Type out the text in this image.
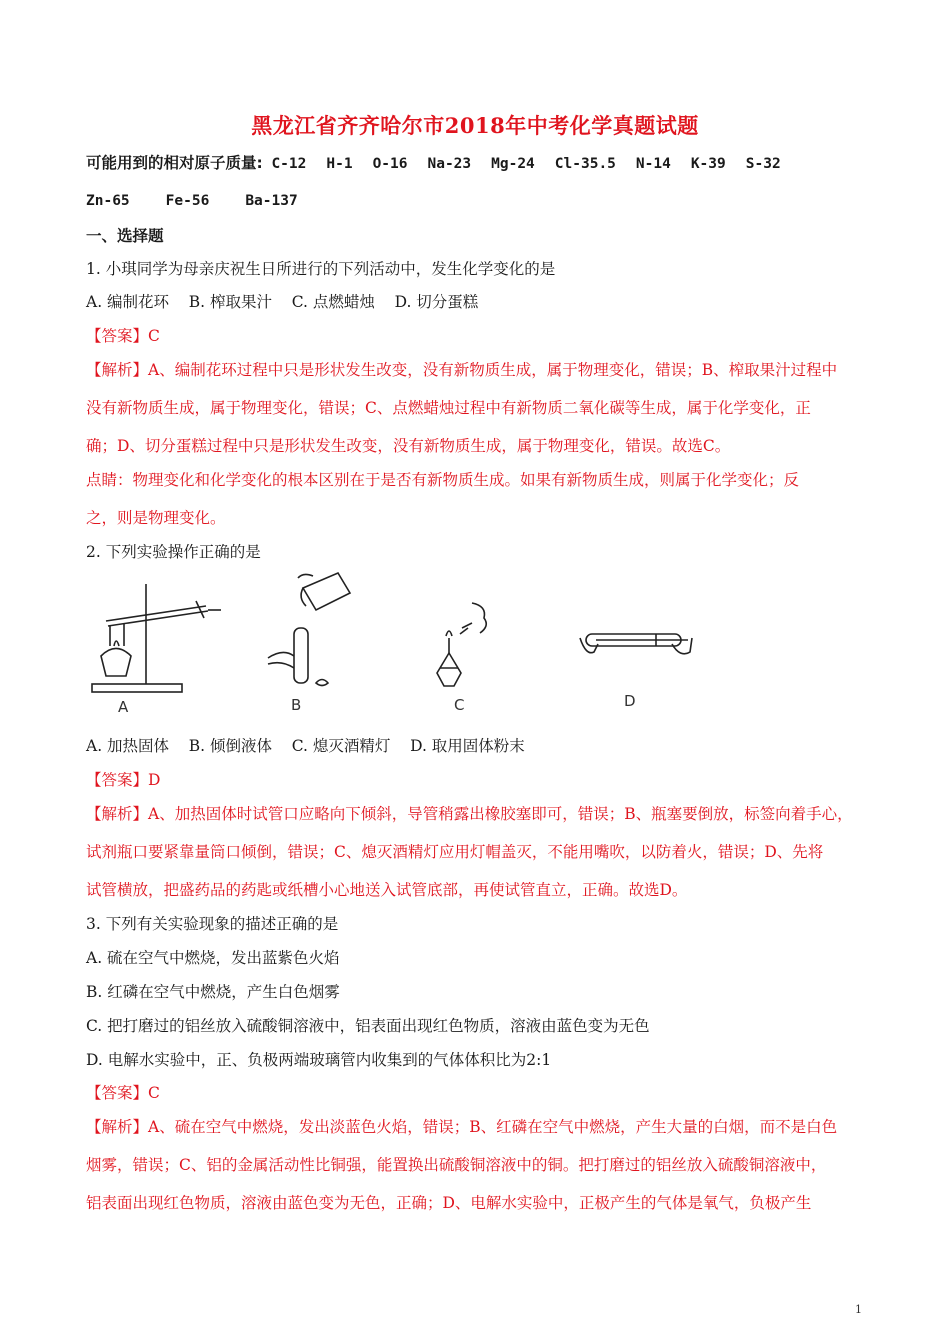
黑龙江省齐齐哈尔市2018年中考化学真题试题
可能用到的相对原子质量: C-12 H-1 O-16 Na-23 Mg-24 Cl-35.5 N-14 K-39 S-32
Zn-65 Fe-56 Ba-137
一、选择题
1. 小琪同学为母亲庆祝生日所进行的下列活动中，发生化学变化的是
A. 编制花环    B. 榨取果汁    C. 点燃蜡烛    D. 切分蛋糕
【答案】C
【解析】A、编制花环过程中只是形状发生改变，没有新物质生成，属于物理变化，错误；B、榨取果汁过程中
没有新物质生成，属于物理变化，错误；C、点燃蜡烛过程中有新物质二氧化碳等生成，属于化学变化，正
确；D、切分蛋糕过程中只是形状发生改变，没有新物质生成，属于物理变化，错误。故选C。
点睛：物理变化和化学变化的根本区别在于是否有新物质生成。如果有新物质生成，则属于化学变化；反
之，则是物理变化。
2. 下列实验操作正确的是
A	B	C	D
A. 加热固体    B. 倾倒液体    C. 熄灭酒精灯    D. 取用固体粉末
【答案】D
【解析】A、加热固体时试管口应略向下倾斜，导管稍露出橡胶塞即可，错误；B、瓶塞要倒放，标签向着手心，
试剂瓶口要紧靠量筒口倾倒，错误；C、熄灭酒精灯应用灯帽盖灭，不能用嘴吹，以防着火，错误；D、先将
试管横放，把盛药品的药匙或纸槽小心地送入试管底部，再使试管直立，正确。故选D。
3. 下列有关实验现象的描述正确的是
A. 硫在空气中燃烧，发出蓝紫色火焰
B. 红磷在空气中燃烧，产生白色烟雾
C. 把打磨过的铝丝放入硫酸铜溶液中，铝表面出现红色物质，溶液由蓝色变为无色
D. 电解水实验中，正、负极两端玻璃管内收集到的气体体积比为2:1
【答案】C
【解析】A、硫在空气中燃烧，发出淡蓝色火焰，错误；B、红磷在空气中燃烧，产生大量的白烟，而不是白色
烟雾，错误；C、铝的金属活动性比铜强，能置换出硫酸铜溶液中的铜。把打磨过的铝丝放入硫酸铜溶液中，
铝表面出现红色物质，溶液由蓝色变为无色，正确；D、电解水实验中，正极产生的气体是氧气，负极产生
1
